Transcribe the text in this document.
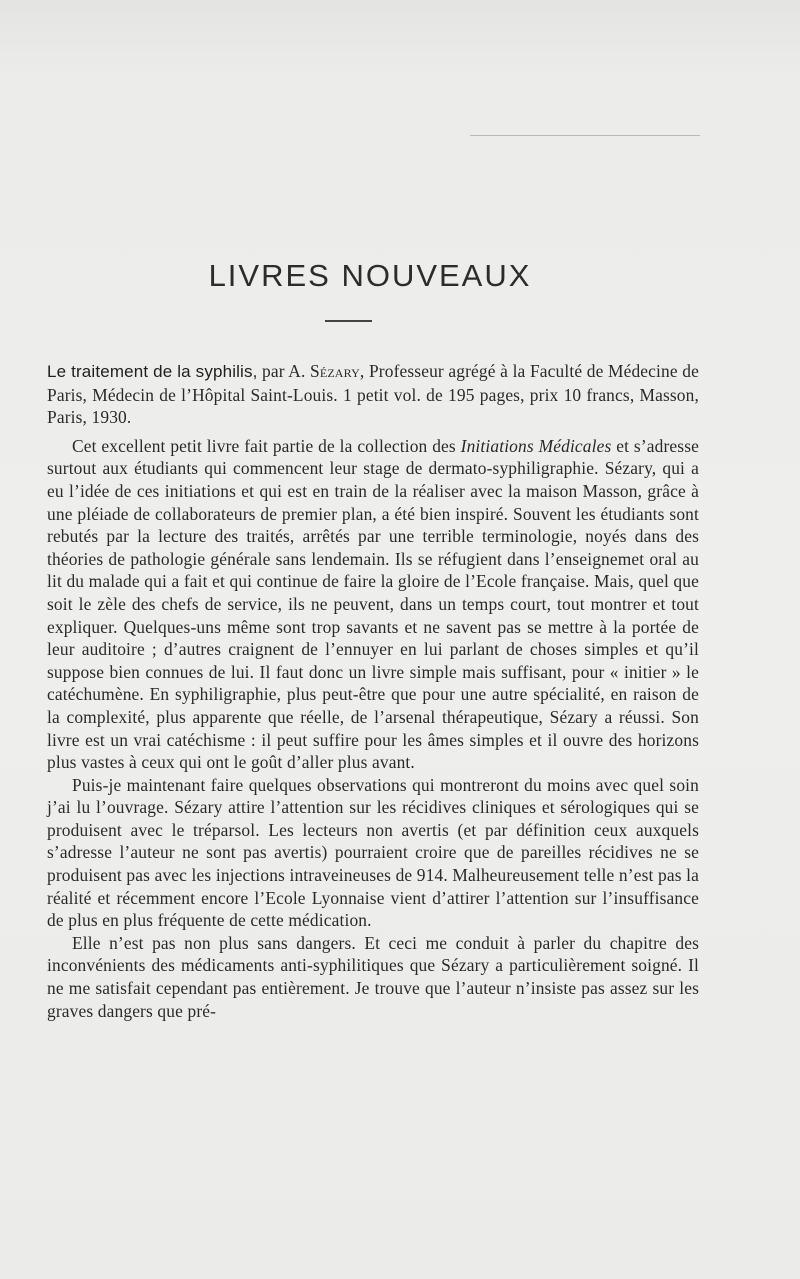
LIVRES NOUVEAUX

Le traitement de la syphilis, par A. Sézary, Professeur agrégé à la Faculté de Médecine de Paris, Médecin de l’Hôpital Saint-Louis. 1 petit vol. de 195 pages, prix 10 francs, Masson, Paris, 1930.

Cet excellent petit livre fait partie de la collection des Initiations Médicales et s’adresse surtout aux étudiants qui commencent leur stage de dermato-syphiligraphie. Sézary, qui a eu l’idée de ces initiations et qui est en train de la réaliser avec la maison Masson, grâce à une pléiade de collaborateurs de premier plan, a été bien inspiré. Souvent les étudiants sont rebutés par la lecture des traités, arrêtés par une terrible terminologie, noyés dans des théories de pathologie générale sans lendemain. Ils se réfugient dans l’enseignemet oral au lit du malade qui a fait et qui continue de faire la gloire de l’Ecole française. Mais, quel que soit le zèle des chefs de service, ils ne peuvent, dans un temps court, tout montrer et tout expliquer. Quelques-uns même sont trop savants et ne savent pas se mettre à la portée de leur auditoire ; d’autres craignent de l’ennuyer en lui parlant de choses simples et qu’il suppose bien connues de lui. Il faut donc un livre simple mais suffisant, pour « initier » le catéchumène. En syphiligraphie, plus peut-être que pour une autre spécialité, en raison de la complexité, plus apparente que réelle, de l’arsenal thérapeutique, Sézary a réussi. Son livre est un vrai catéchisme : il peut suffire pour les âmes simples et il ouvre des horizons plus vastes à ceux qui ont le goût d’aller plus avant.

Puis-je maintenant faire quelques observations qui montreront du moins avec quel soin j’ai lu l’ouvrage. Sézary attire l’attention sur les récidives cliniques et sérologiques qui se produisent avec le tréparsol. Les lecteurs non avertis (et par définition ceux auxquels s’adresse l’auteur ne sont pas avertis) pourraient croire que de pareilles récidives ne se produisent pas avec les injections intraveineuses de 914. Malheureusement telle n’est pas la réalité et récemment encore l’Ecole Lyonnaise vient d’attirer l’attention sur l’insuffisance de plus en plus fréquente de cette médication.

Elle n’est pas non plus sans dangers. Et ceci me conduit à parler du chapitre des inconvénients des médicaments anti-syphilitiques que Sézary a particulièrement soigné. Il ne me satisfait cependant pas entièrement. Je trouve que l’auteur n’insiste pas assez sur les graves dangers que pré-
